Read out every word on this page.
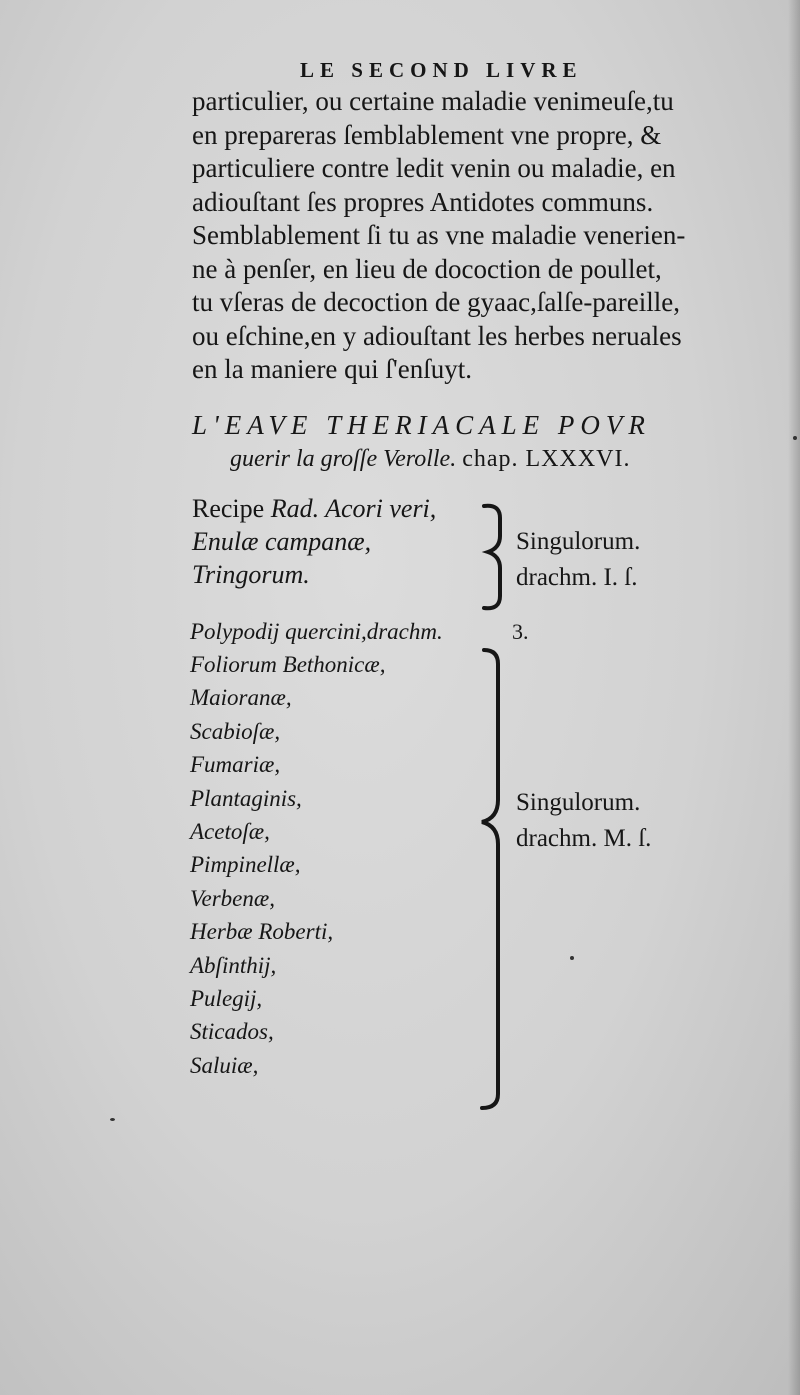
LE SECOND LIVRE
particulier, ou certaine maladie venimeuſe,tu
en prepareras ſemblablement vne propre, &
particuliere contre ledit venin ou maladie, en
adiouſtant ſes propres Antidotes communs.
Semblablement ſi tu as vne maladie venerien-
ne à penſer, en lieu de docoction de poullet,
tu vſeras de decoction de gyaac,ſalſe-pareille,
ou eſchine,en y adiouſtant les herbes neruales
en la maniere qui ſ'enſuyt.
L'EAVE THERIACALE POVR
guerir la groſſe Verolle. chap. LXXXVI.
Recipe Rad. Acori veri,
Enulæ campanæ,
Tringorum.
Singulorum.
drachm. I. ſ.
Polypodij quercini,drachm.	3.
Foliorum Bethonicæ,
Maioranæ,
Scabioſæ,
Fumariæ,
Plantaginis,
Acetoſæ,
Pimpinellæ,
Verbenæ,
Herbæ Roberti,
Abſinthij,
Pulegij,
Sticados,
Saluiæ,
Singulorum.
drachm. M. ſ.
